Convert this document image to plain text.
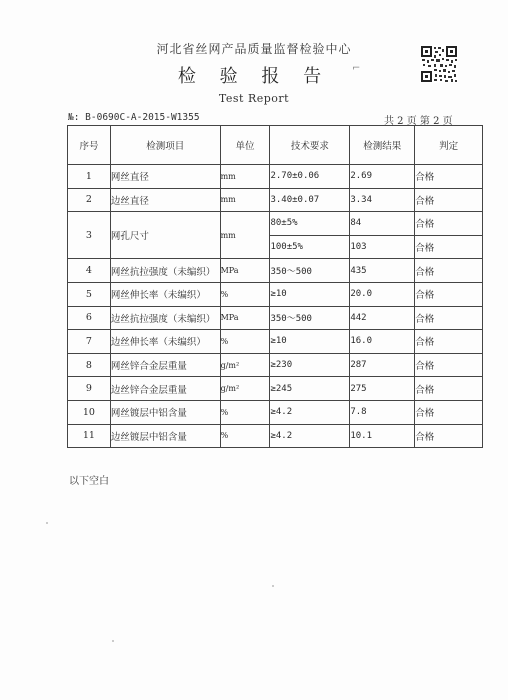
河北省丝网产品质量监督检验中心
检 验 报 告	⌐
Test Report
№: B-0690C-A-2015-W1355	共 2 页 第 2 页
序号	检测项目	单位	技术要求	检测结果	判定
1	网丝直径	mm	2.70±0.06	2.69	合格
2	边丝直径	mm	3.40±0.07	3.34	合格
3	网孔尺寸	mm	80±5%	84	合格
			100±5%	103	合格
4	网丝抗拉强度（未编织）	MPa	350～500	435	合格
5	网丝伸长率（未编织）	%	≥10	20.0	合格
6	边丝抗拉强度（未编织）	MPa	350～500	442	合格
7	边丝伸长率（未编织）	%	≥10	16.0	合格
8	网丝锌合金层重量	g/m²	≥230	287	合格
9	边丝锌合金层重量	g/m²	≥245	275	合格
10	网丝镀层中铝含量	%	≥4.2	7.8	合格
11	边丝镀层中铝含量	%	≥4.2	10.1	合格
以下空白
